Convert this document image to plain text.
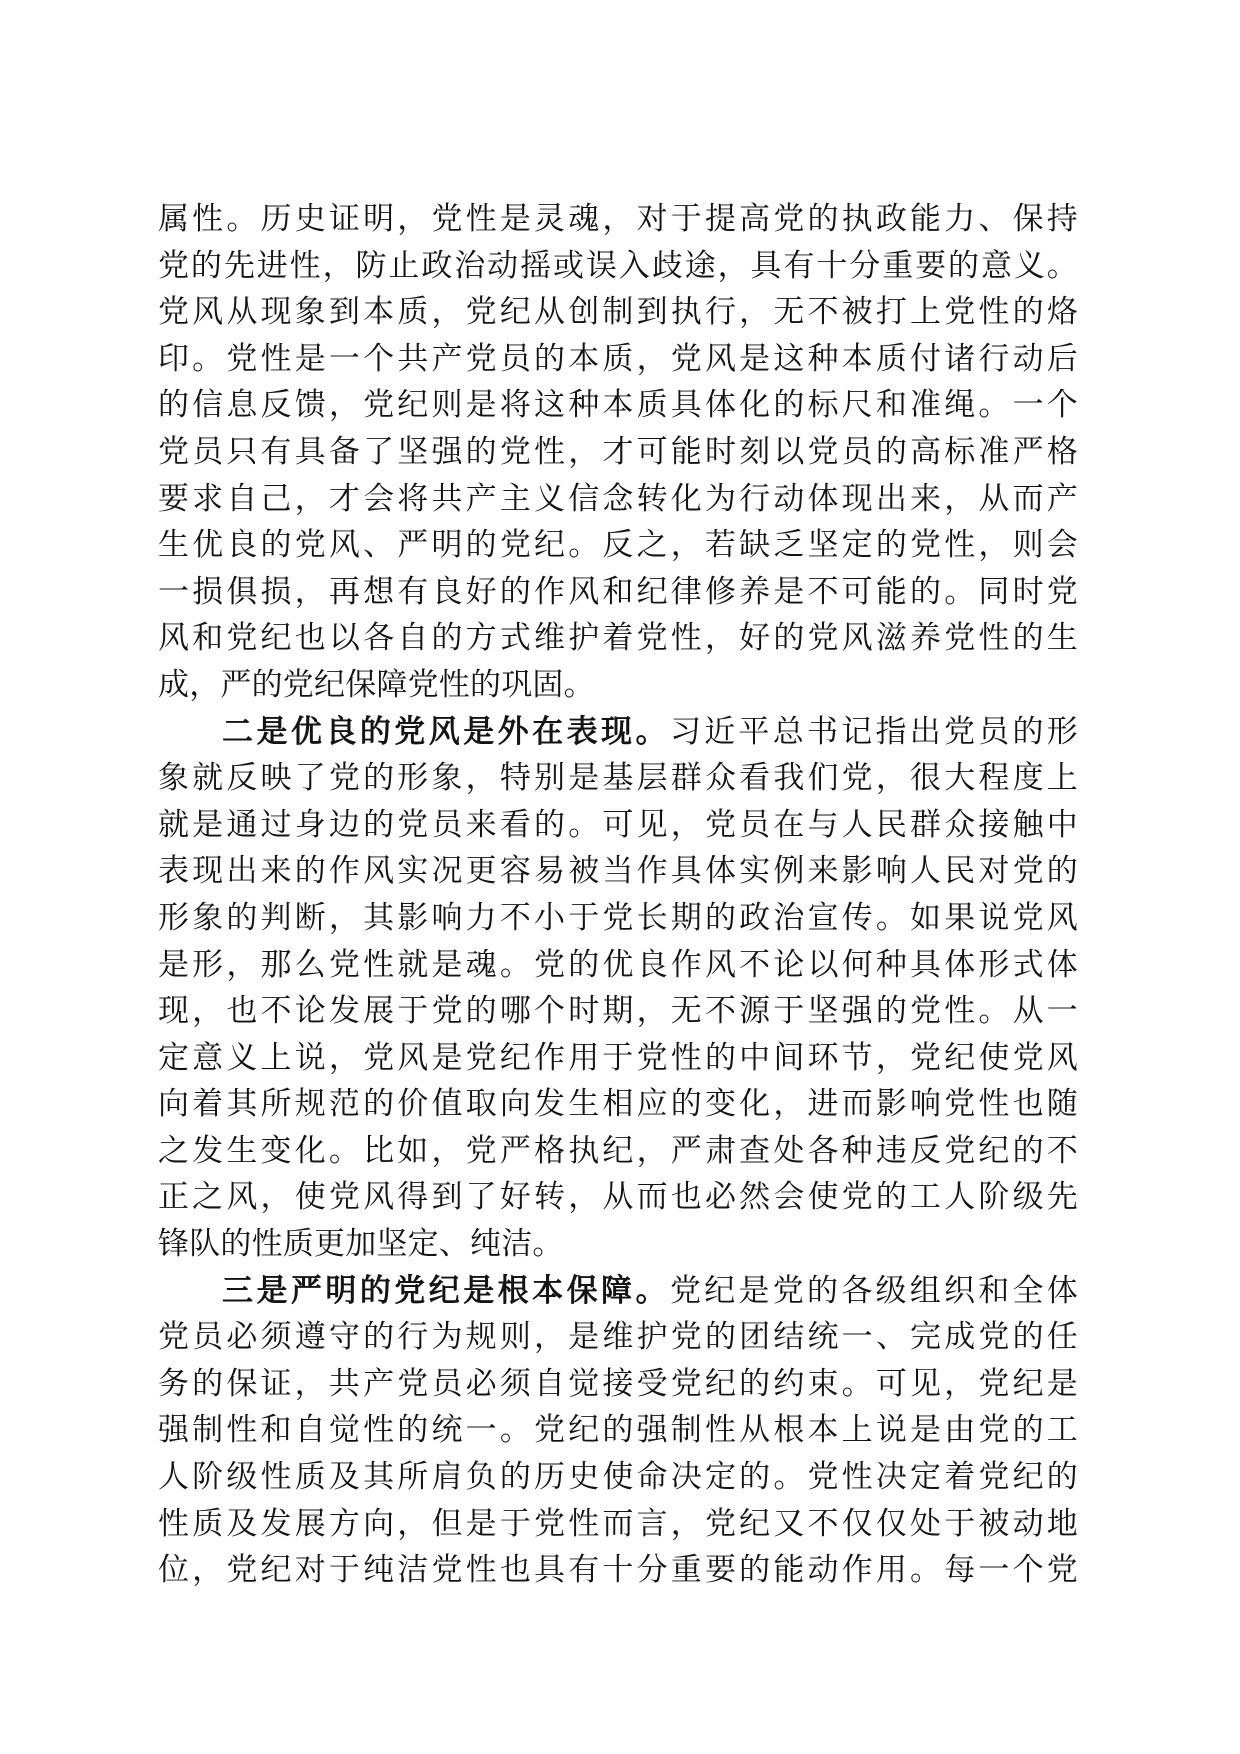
属性。历史证明，党性是灵魂，对于提高党的执政能力、保持
党的先进性，防止政治动摇或误入歧途，具有十分重要的意义。
党风从现象到本质，党纪从创制到执行，无不被打上党性的烙
印。党性是一个共产党员的本质，党风是这种本质付诸行动后
的信息反馈，党纪则是将这种本质具体化的标尺和准绳。一个
党员只有具备了坚强的党性，才可能时刻以党员的高标准严格
要求自己，才会将共产主义信念转化为行动体现出来，从而产
生优良的党风、严明的党纪。反之，若缺乏坚定的党性，则会
一损俱损，再想有良好的作风和纪律修养是不可能的。同时党
风和党纪也以各自的方式维护着党性，好的党风滋养党性的生
成，严的党纪保障党性的巩固。
二是优良的党风是外在表现。习近平总书记指出党员的形
象就反映了党的形象，特别是基层群众看我们党，很大程度上
就是通过身边的党员来看的。可见，党员在与人民群众接触中
表现出来的作风实况更容易被当作具体实例来影响人民对党的
形象的判断，其影响力不小于党长期的政治宣传。如果说党风
是形，那么党性就是魂。党的优良作风不论以何种具体形式体
现，也不论发展于党的哪个时期，无不源于坚强的党性。从一
定意义上说，党风是党纪作用于党性的中间环节，党纪使党风
向着其所规范的价值取向发生相应的变化，进而影响党性也随
之发生变化。比如，党严格执纪，严肃查处各种违反党纪的不
正之风，使党风得到了好转，从而也必然会使党的工人阶级先
锋队的性质更加坚定、纯洁。
三是严明的党纪是根本保障。党纪是党的各级组织和全体
党员必须遵守的行为规则，是维护党的团结统一、完成党的任
务的保证，共产党员必须自觉接受党纪的约束。可见，党纪是
强制性和自觉性的统一。党纪的强制性从根本上说是由党的工
人阶级性质及其所肩负的历史使命决定的。党性决定着党纪的
性质及发展方向，但是于党性而言，党纪又不仅仅处于被动地
位，党纪对于纯洁党性也具有十分重要的能动作用。每一个党
